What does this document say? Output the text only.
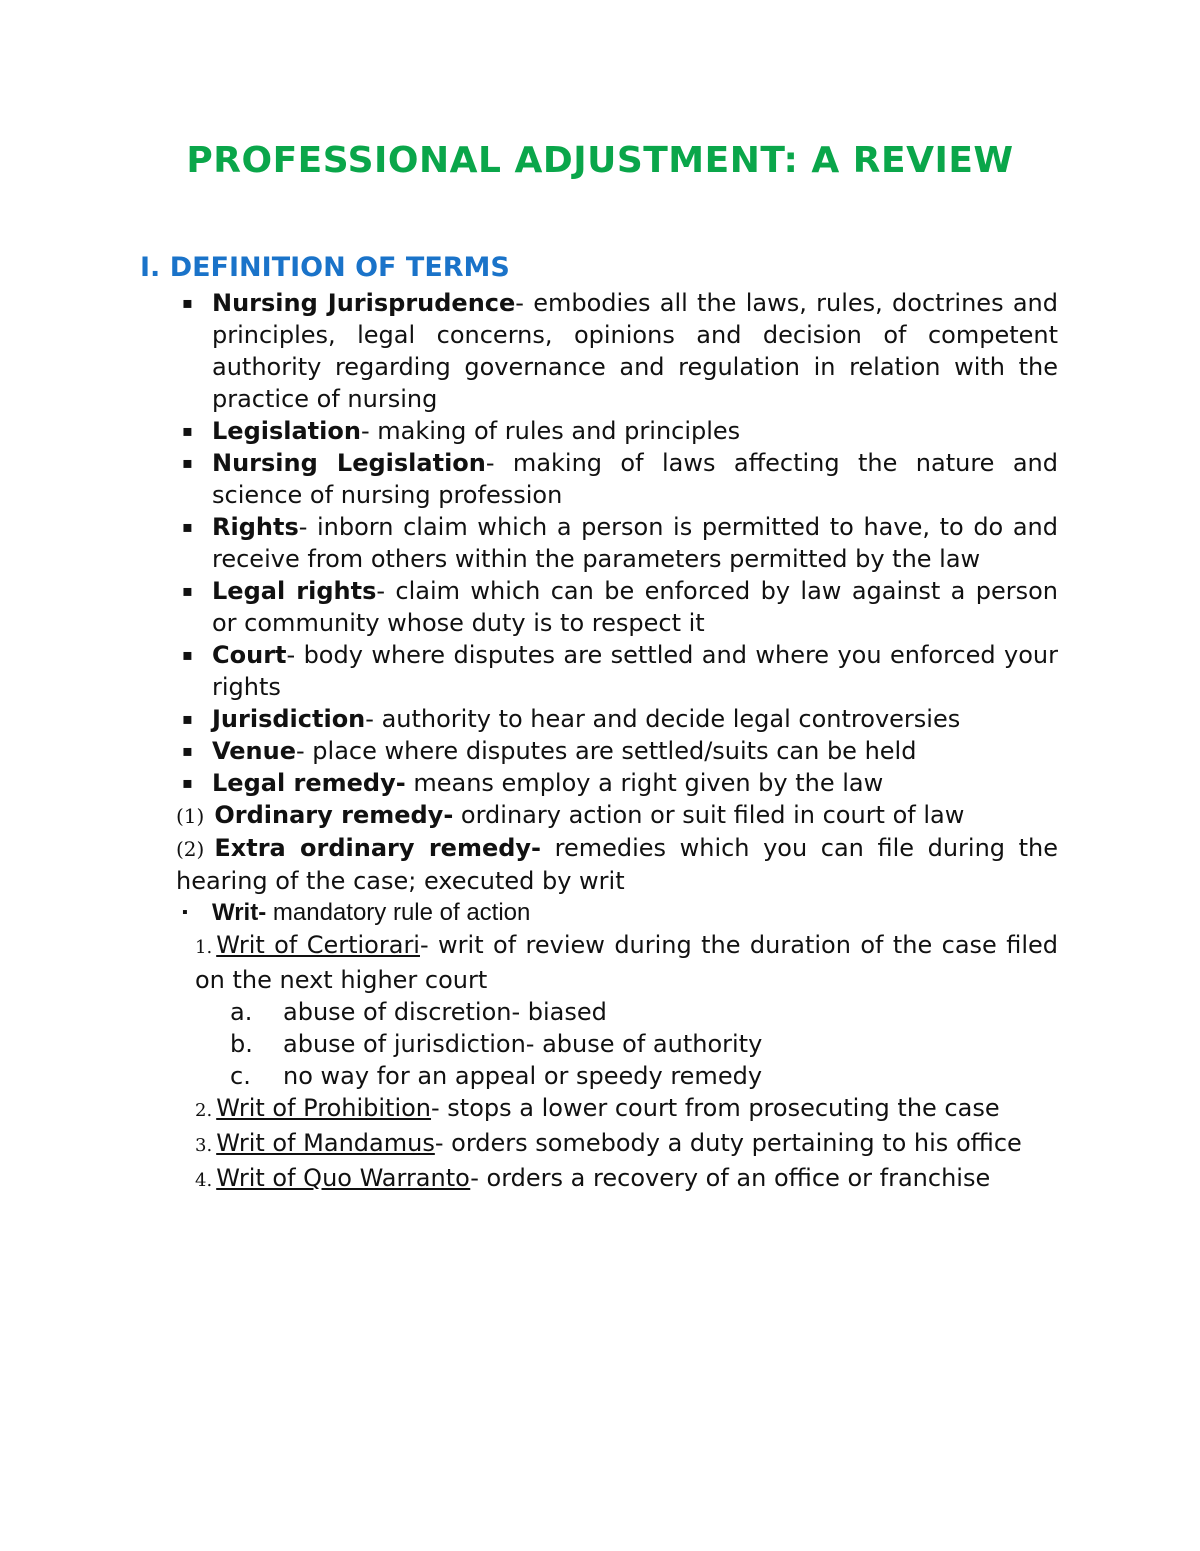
PROFESSIONAL ADJUSTMENT: A REVIEW
I. DEFINITION OF TERMS
▪ Nursing Jurisprudence- embodies all the laws, rules, doctrines and principles, legal concerns, opinions and decision of competent authority regarding governance and regulation in relation with the practice of nursing
▪ Legislation- making of rules and principles
▪ Nursing Legislation- making of laws affecting the nature and science of nursing profession
▪ Rights- inborn claim which a person is permitted to have, to do and receive from others within the parameters permitted by the law
▪ Legal rights- claim which can be enforced by law against a person or community whose duty is to respect it
▪ Court- body where disputes are settled and where you enforced your rights
▪ Jurisdiction- authority to hear and decide legal controversies
▪ Venue- place where disputes are settled/suits can be held
▪ Legal remedy- means employ a right given by the law
(1) Ordinary remedy- ordinary action or suit filed in court of law
(2) Extra ordinary remedy- remedies which you can file during the hearing of the case; executed by writ
▪ Writ- mandatory rule of action
1. Writ of Certiorari- writ of review during the duration of the case filed on the next higher court
a. abuse of discretion- biased
b. abuse of jurisdiction- abuse of authority
c. no way for an appeal or speedy remedy
2. Writ of Prohibition- stops a lower court from prosecuting the case
3. Writ of Mandamus- orders somebody a duty pertaining to his office
4. Writ of Quo Warranto- orders a recovery of an office or franchise
